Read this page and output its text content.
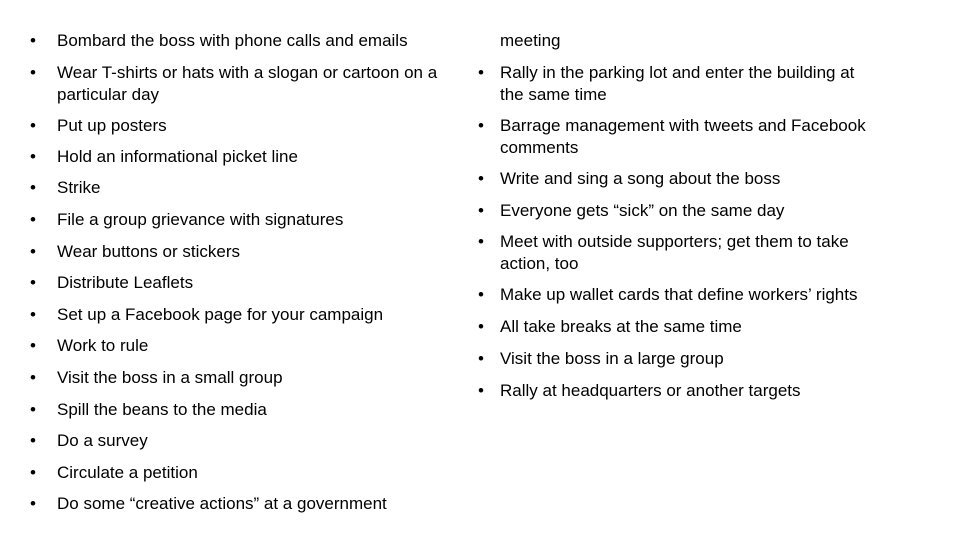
•	Bombard the boss with phone calls and emails
•	Wear T-shirts or hats with a slogan or cartoon on a
particular day
•	Put up posters
•	Hold an informational picket line
•	Strike
•	File a group grievance with signatures
•	Wear buttons or stickers
•	Distribute Leaflets
•	Set up a Facebook page for your campaign
•	Work to rule
•	Visit the boss in a small group
•	Spill the beans to the media
•	Do a survey
•	Circulate a petition
•	Do some “creative actions” at a government
meeting
• Rally in the parking lot and enter the building at
the same time
• Barrage management with tweets and Facebook
comments
• Write and sing a song about the boss
• Everyone gets “sick” on the same day
• Meet with outside supporters; get them to take
action, too
• Make up wallet cards that define workers’ rights
• All take breaks at the same time
• Visit the boss in a large group
• Rally at headquarters or another targets
